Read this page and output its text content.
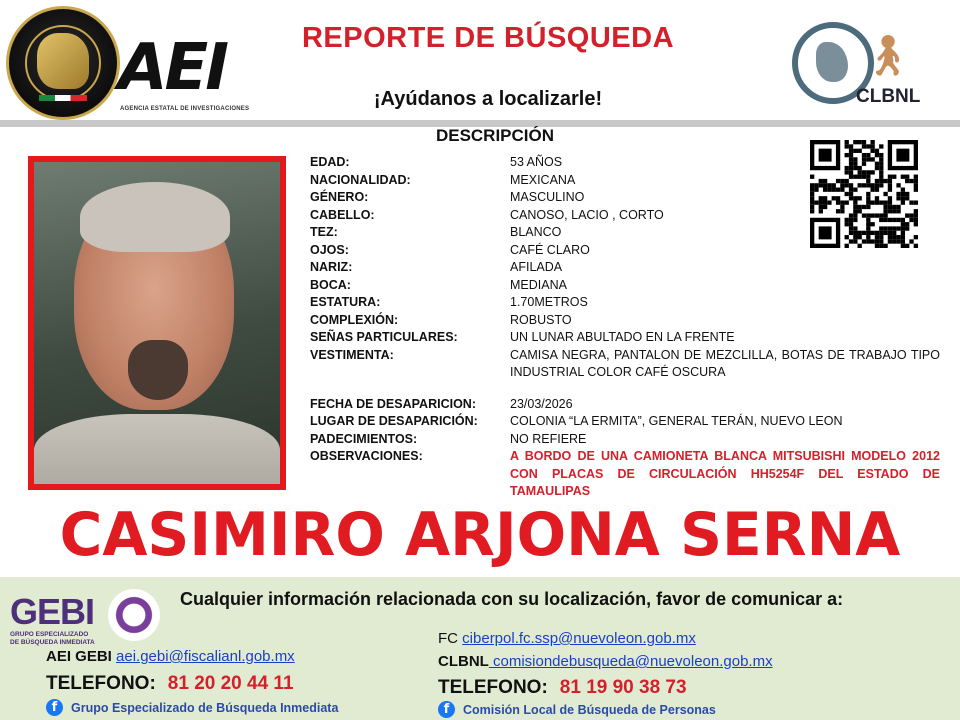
AEI
AGENCIA ESTATAL DE INVESTIGACIONES
REPORTE DE BÚSQUEDA
¡Ayúdanos a localizarle!
🚶︎
CLBNL
DESCRIPCIÓN
EDAD:	53 AÑOS
NACIONALIDAD:	MEXICANA
GÉNERO:	MASCULINO
CABELLO:	CANOSO, LACIO , CORTO
TEZ:	BLANCO
OJOS:	CAFÉ CLARO
NARIZ:	AFILADA
BOCA:	MEDIANA
ESTATURA:	1.70METROS
COMPLEXIÓN:	ROBUSTO
SEÑAS PARTICULARES:	UN LUNAR ABULTADO EN LA FRENTE
VESTIMENTA:	CAMISA NEGRA, PANTALON DE MEZCLILLA, BOTAS DE TRABAJO TIPO INDUSTRIAL COLOR CAFÉ OSCURA
FECHA DE DESAPARICION:	23/03/2026
LUGAR DE DESAPARICIÓN:	COLONIA “LA ERMITA”, GENERAL TERÁN, NUEVO LEON
PADECIMIENTOS:	NO REFIERE
OBSERVACIONES:	A BORDO DE UNA CAMIONETA BLANCA MITSUBISHI MODELO 2012 CON PLACAS DE CIRCULACIÓN HH5254F DEL ESTADO DE TAMAULIPAS
CASIMIRO ARJONA SERNA
GEBI
GRUPO ESPECIALIZADO
DE BÚSQUEDA INMEDIATA
Cualquier información relacionada con su localización, favor de comunicar a:
AEI GEBI aei.gebi@fiscalianl.gob.mx
TELEFONO: 81 20 20 44 11
f	Grupo Especializado de Búsqueda Inmediata
FC ciberpol.fc.ssp@nuevoleon.gob.mx
CLBNL comisiondebusqueda@nuevoleon.gob.mx
TELEFONO: 81 19 90 38 73
f	Comisión Local de Búsqueda de Personas
